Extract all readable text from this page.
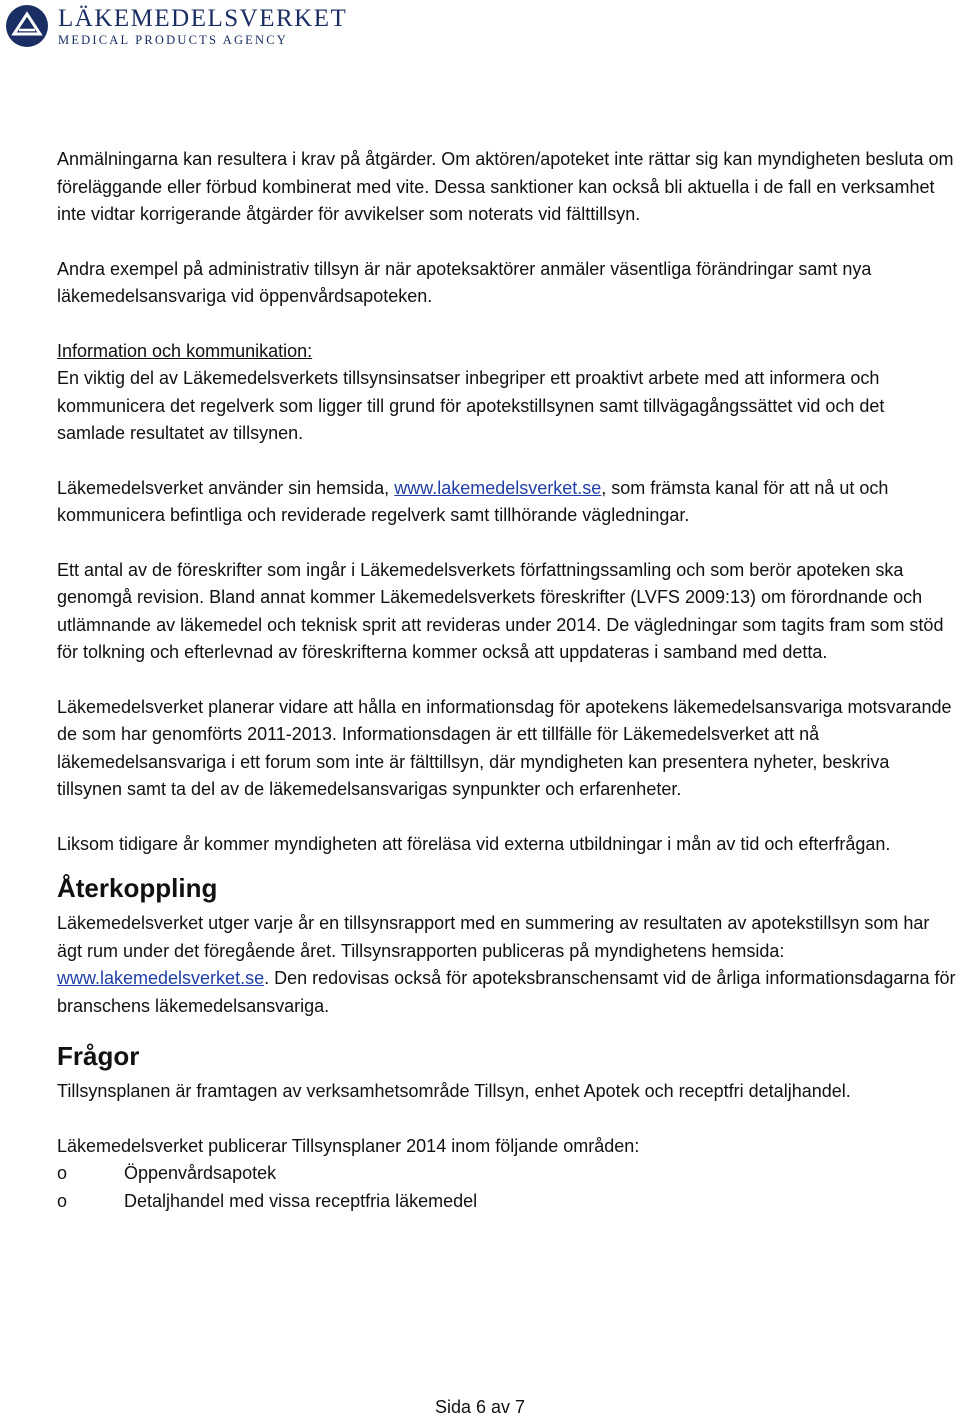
LÄKEMEDELSVERKET
MEDICAL PRODUCTS AGENCY

Anmälningarna kan resultera i krav på åtgärder. Om aktören/apoteket inte rättar sig kan myndigheten besluta om föreläggande eller förbud kombinerat med vite. Dessa sanktioner kan också bli aktuella i de fall en verksamhet inte vidtar korrigerande åtgärder för avvikelser som noterats vid fälttillsyn.

Andra exempel på administrativ tillsyn är när apoteksaktörer anmäler väsentliga förändringar samt nya läkemedelsansvariga vid öppenvårdsapoteken.

Information och kommunikation:

En viktig del av Läkemedelsverkets tillsynsinsatser inbegriper ett proaktivt arbete med att informera och kommunicera det regelverk som ligger till grund för apotekstillsynen samt tillvägagångssättet vid och det samlade resultatet av tillsynen.

Läkemedelsverket använder sin hemsida, www.lakemedelsverket.se, som främsta kanal för att nå ut och kommunicera befintliga och reviderade regelverk samt tillhörande vägledningar.

Ett antal av de föreskrifter som ingår i Läkemedelsverkets författningssamling och som berör apoteken ska genomgå revision. Bland annat kommer Läkemedelsverkets föreskrifter (LVFS 2009:13) om förordnande och utlämnande av läkemedel och teknisk sprit att revideras under 2014. De vägledningar som tagits fram som stöd för tolkning och efterlevnad av föreskrifterna kommer också att uppdateras i samband med detta.

Läkemedelsverket planerar vidare att hålla en informationsdag för apotekens läkemedelsansvariga motsvarande de som har genomförts 2011-2013. Informationsdagen är ett tillfälle för Läkemedelsverket att nå läkemedelsansvariga i ett forum som inte är fälttillsyn, där myndigheten kan presentera nyheter, beskriva tillsynen samt ta del av de läkemedelsansvarigas synpunkter och erfarenheter.

Liksom tidigare år kommer myndigheten att föreläsa vid externa utbildningar i mån av tid och efterfrågan.

Återkoppling

Läkemedelsverket utger varje år en tillsynsrapport med en summering av resultaten av apotekstillsyn som har ägt rum under det föregående året. Tillsynsrapporten publiceras på myndighetens hemsida: www.lakemedelsverket.se. Den redovisas också för apoteksbranschensamt vid de årliga informationsdagarna för branschens läkemedelsansvariga.

Frågor

Tillsynsplanen är framtagen av verksamhetsområde Tillsyn, enhet Apotek och receptfri detaljhandel.

Läkemedelsverket publicerar Tillsynsplaner 2014 inom följande områden:

o	Öppenvårdsapotek
o	Detaljhandel med vissa receptfria läkemedel
Sida 6 av 7
